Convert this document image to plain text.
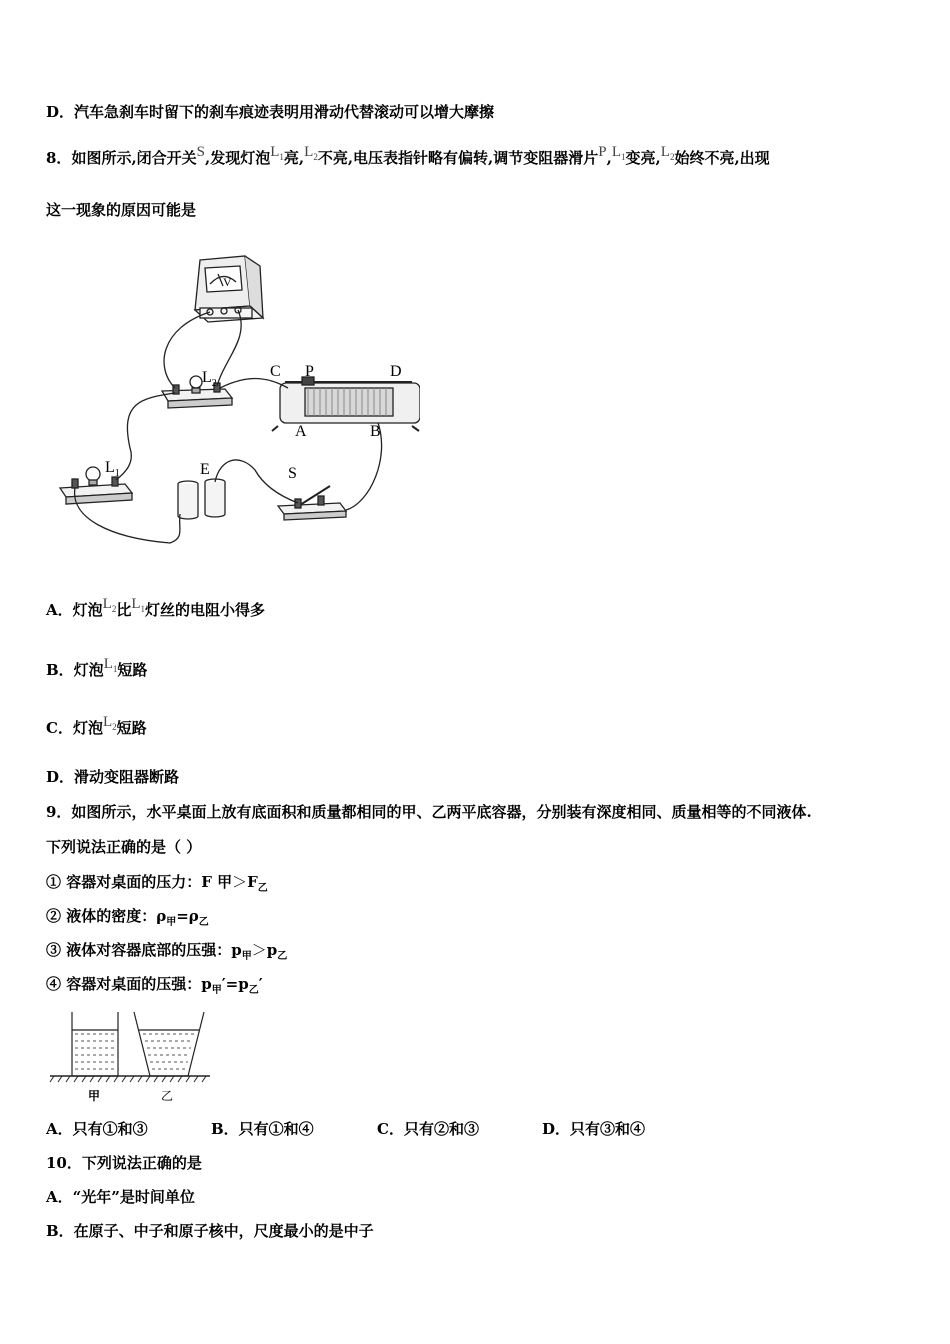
D．汽车急刹车时留下的刹车痕迹表明用滑动代替滚动可以增大摩擦
8．如图所示,闭合开关S,发现灯泡$L_1$亮$,L_2$不亮,电压表指针略有偏转,调节变阻器滑片$P,L_1$变亮$,L_2$始终不亮,出现
这一现象的原因可能是
V
C P	D
A	B
$L_2$
$L_1$	E	S
A．灯泡$L_2$比$L_1$灯丝的电阻小得多
B．灯泡$L_1$短路
C．灯泡$L_2$短路
D．滑动变阻器断路
9．如图所示，水平桌面上放有底面积和质量都相同的甲、乙两平底容器，分别装有深度相同、质量相等的不同液体.
下列说法正确的是（ ）
① 容器对桌面的压力：F 甲$>F_乙$
② 液体的密度：$\rho_甲=\rho_乙$
③ 液体对容器底部的压强：$p_甲>p_乙$
④ 容器对桌面的压强：$p_甲'=p_乙'$
甲	乙
A．只有①和③	B．只有①和④	C．只有②和③	D．只有③和④
10．下列说法正确的是
A．“光年”是时间单位
B．在原子、中子和原子核中，尺度最小的是中子
